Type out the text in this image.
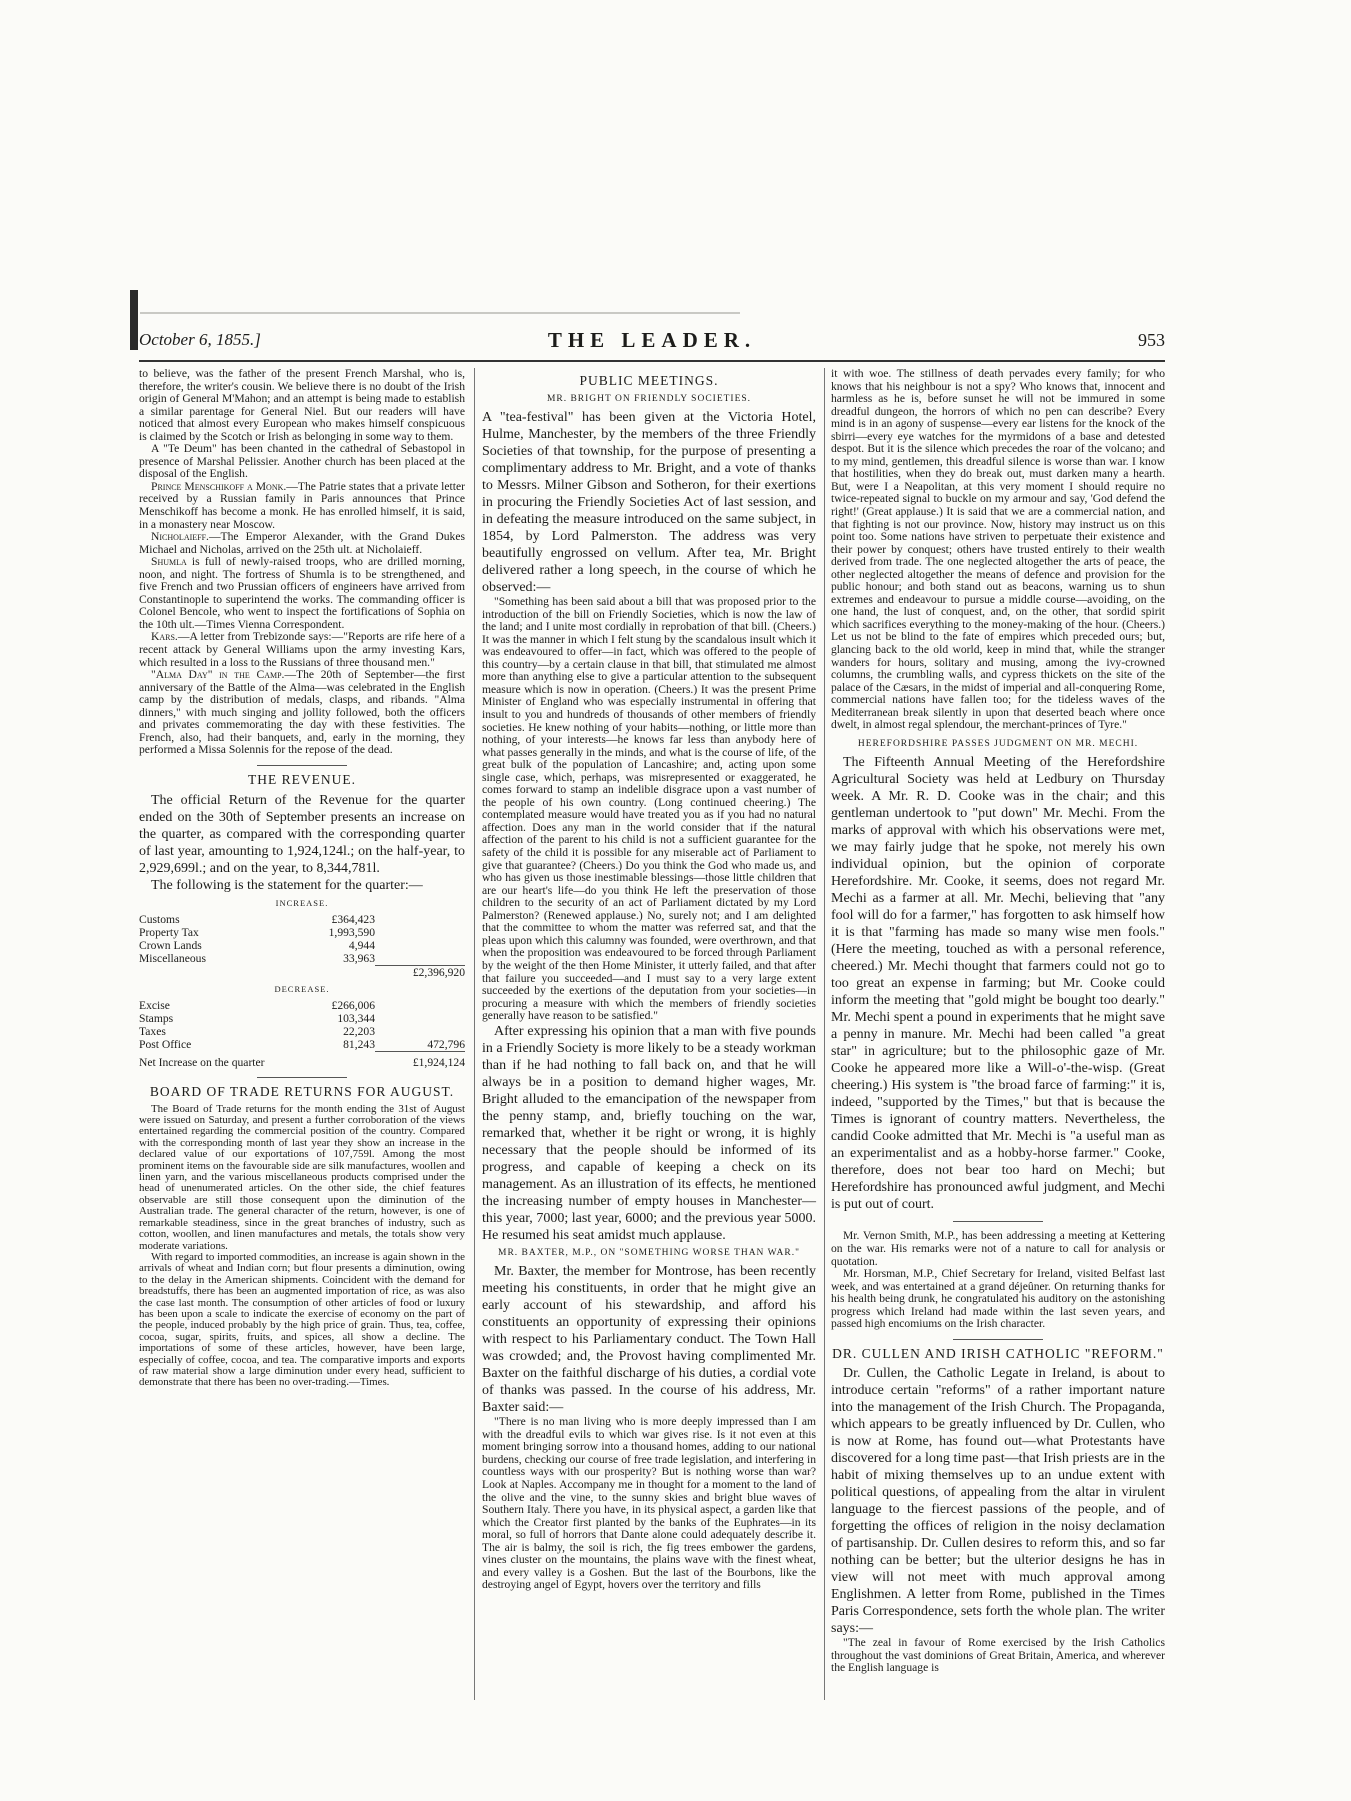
October 6, 1855.]	THE LEADER.	953

to believe, was the father of the present French Marshal, who is, therefore, the writer's cousin. We believe there is no doubt of the Irish origin of General M'Mahon; and an attempt is being made to establish a similar parentage for General Niel. But our readers will have noticed that almost every European who makes himself conspicuous is claimed by the Scotch or Irish as belonging in some way to them.

A "Te Deum" has been chanted in the cathedral of Sebastopol in presence of Marshal Pelissier. Another church has been placed at the disposal of the English.

Prince Menschikoff a Monk.—The Patrie states that a private letter received by a Russian family in Paris announces that Prince Menschikoff has become a monk. He has enrolled himself, it is said, in a monastery near Moscow.

Nicholaieff.—The Emperor Alexander, with the Grand Dukes Michael and Nicholas, arrived on the 25th ult. at Nicholaieff.

Shumla is full of newly-raised troops, who are drilled morning, noon, and night. The fortress of Shumla is to be strengthened, and five French and two Prussian officers of engineers have arrived from Constantinople to superintend the works. The commanding officer is Colonel Bencole, who went to inspect the fortifications of Sophia on the 10th ult.—Times Vienna Correspondent.

Kars.—A letter from Trebizonde says:—"Reports are rife here of a recent attack by General Williams upon the army investing Kars, which resulted in a loss to the Russians of three thousand men."

"Alma Day" in the Camp.—The 20th of September—the first anniversary of the Battle of the Alma—was celebrated in the English camp by the distribution of medals, clasps, and ribands. "Alma dinners," with much singing and jollity followed, both the officers and privates commemorating the day with these festivities. The French, also, had their banquets, and, early in the morning, they performed a Missa Solennis for the repose of the dead.

THE REVENUE.

The official Return of the Revenue for the quarter ended on the 30th of September presents an increase on the quarter, as compared with the corresponding quarter of last year, amounting to 1,924,124l.; on the half-year, to 2,929,699l.; and on the year, to 8,344,781l.

The following is the statement for the quarter:—

INCREASE.
Customs	£364,423	
Property Tax	1,993,590	
Crown Lands	4,944	
Miscellaneous	33,963	
		£2,396,920
DECREASE.
Excise	£266,006	
Stamps	103,344	
Taxes	22,203	
Post Office	81,243	472,796
Net Increase on the quarter		£1,924,124
BOARD OF TRADE RETURNS FOR AUGUST.

The Board of Trade returns for the month ending the 31st of August were issued on Saturday, and present a further corroboration of the views entertained regarding the commercial position of the country. Compared with the corresponding month of last year they show an increase in the declared value of our exportations of 107,759l. Among the most prominent items on the favourable side are silk manufactures, woollen and linen yarn, and the various miscellaneous products comprised under the head of unenumerated articles. On the other side, the chief features observable are still those consequent upon the diminution of the Australian trade. The general character of the return, however, is one of remarkable steadiness, since in the great branches of industry, such as cotton, woollen, and linen manufactures and metals, the totals show very moderate variations.

With regard to imported commodities, an increase is again shown in the arrivals of wheat and Indian corn; but flour presents a diminution, owing to the delay in the American shipments. Coincident with the demand for breadstuffs, there has been an augmented importation of rice, as was also the case last month. The consumption of other articles of food or luxury has been upon a scale to indicate the exercise of economy on the part of the people, induced probably by the high price of grain. Thus, tea, coffee, cocoa, sugar, spirits, fruits, and spices, all show a decline. The importations of some of these articles, however, have been large, especially of coffee, cocoa, and tea. The comparative imports and exports of raw material show a large diminution under every head, sufficient to demonstrate that there has been no over-trading.—Times.

PUBLIC MEETINGS.
MR. BRIGHT ON FRIENDLY SOCIETIES.

A "tea-festival" has been given at the Victoria Hotel, Hulme, Manchester, by the members of the three Friendly Societies of that township, for the purpose of presenting a complimentary address to Mr. Bright, and a vote of thanks to Messrs. Milner Gibson and Sotheron, for their exertions in procuring the Friendly Societies Act of last session, and in defeating the measure introduced on the same subject, in 1854, by Lord Palmerston. The address was very beautifully engrossed on vellum. After tea, Mr. Bright delivered rather a long speech, in the course of which he observed:—

"Something has been said about a bill that was proposed prior to the introduction of the bill on Friendly Societies, which is now the law of the land; and I unite most cordially in reprobation of that bill. (Cheers.) It was the manner in which I felt stung by the scandalous insult which it was endeavoured to offer—in fact, which was offered to the people of this country—by a certain clause in that bill, that stimulated me almost more than anything else to give a particular attention to the subsequent measure which is now in operation. (Cheers.) It was the present Prime Minister of England who was especially instrumental in offering that insult to you and hundreds of thousands of other members of friendly societies. He knew nothing of your habits—nothing, or little more than nothing, of your interests—he knows far less than anybody here of what passes generally in the minds, and what is the course of life, of the great bulk of the population of Lancashire; and, acting upon some single case, which, perhaps, was misrepresented or exaggerated, he comes forward to stamp an indelible disgrace upon a vast number of the people of his own country. (Long continued cheering.) The contemplated measure would have treated you as if you had no natural affection. Does any man in the world consider that if the natural affection of the parent to his child is not a sufficient guarantee for the safety of the child it is possible for any miserable act of Parliament to give that guarantee? (Cheers.) Do you think the God who made us, and who has given us those inestimable blessings—those little children that are our heart's life—do you think He left the preservation of those children to the security of an act of Parliament dictated by my Lord Palmerston? (Renewed applause.) No, surely not; and I am delighted that the committee to whom the matter was referred sat, and that the pleas upon which this calumny was founded, were overthrown, and that when the proposition was endeavoured to be forced through Parliament by the weight of the then Home Minister, it utterly failed, and that after that failure you succeeded—and I must say to a very large extent succeeded by the exertions of the deputation from your societies—in procuring a measure with which the members of friendly societies generally have reason to be satisfied."

After expressing his opinion that a man with five pounds in a Friendly Society is more likely to be a steady workman than if he had nothing to fall back on, and that he will always be in a position to demand higher wages, Mr. Bright alluded to the emancipation of the newspaper from the penny stamp, and, briefly touching on the war, remarked that, whether it be right or wrong, it is highly necessary that the people should be informed of its progress, and capable of keeping a check on its management. As an illustration of its effects, he mentioned the increasing number of empty houses in Manchester—this year, 7000; last year, 6000; and the previous year 5000. He resumed his seat amidst much applause.

MR. BAXTER, M.P., ON "SOMETHING WORSE THAN WAR."

Mr. Baxter, the member for Montrose, has been recently meeting his constituents, in order that he might give an early account of his stewardship, and afford his constituents an opportunity of expressing their opinions with respect to his Parliamentary conduct. The Town Hall was crowded; and, the Provost having complimented Mr. Baxter on the faithful discharge of his duties, a cordial vote of thanks was passed. In the course of his address, Mr. Baxter said:—

"There is no man living who is more deeply impressed than I am with the dreadful evils to which war gives rise. Is it not even at this moment bringing sorrow into a thousand homes, adding to our national burdens, checking our course of free trade legislation, and interfering in countless ways with our prosperity? But is nothing worse than war? Look at Naples. Accompany me in thought for a moment to the land of the olive and the vine, to the sunny skies and bright blue waves of Southern Italy. There you have, in its physical aspect, a garden like that which the Creator first planted by the banks of the Euphrates—in its moral, so full of horrors that Dante alone could adequately describe it. The air is balmy, the soil is rich, the fig trees embower the gardens, vines cluster on the mountains, the plains wave with the finest wheat, and every valley is a Goshen. But the last of the Bourbons, like the destroying angel of Egypt, hovers over the territory and fills

it with woe. The stillness of death pervades every family; for who knows that his neighbour is not a spy? Who knows that, innocent and harmless as he is, before sunset he will not be immured in some dreadful dungeon, the horrors of which no pen can describe? Every mind is in an agony of suspense—every ear listens for the knock of the sbirri—every eye watches for the myrmidons of a base and detested despot. But it is the silence which precedes the roar of the volcano; and to my mind, gentlemen, this dreadful silence is worse than war. I know that hostilities, when they do break out, must darken many a hearth. But, were I a Neapolitan, at this very moment I should require no twice-repeated signal to buckle on my armour and say, 'God defend the right!' (Great applause.) It is said that we are a commercial nation, and that fighting is not our province. Now, history may instruct us on this point too. Some nations have striven to perpetuate their existence and their power by conquest; others have trusted entirely to their wealth derived from trade. The one neglected altogether the arts of peace, the other neglected altogether the means of defence and provision for the public honour; and both stand out as beacons, warning us to shun extremes and endeavour to pursue a middle course—avoiding, on the one hand, the lust of conquest, and, on the other, that sordid spirit which sacrifices everything to the money-making of the hour. (Cheers.) Let us not be blind to the fate of empires which preceded ours; but, glancing back to the old world, keep in mind that, while the stranger wanders for hours, solitary and musing, among the ivy-crowned columns, the crumbling walls, and cypress thickets on the site of the palace of the Cæsars, in the midst of imperial and all-conquering Rome, commercial nations have fallen too; for the tideless waves of the Mediterranean break silently in upon that deserted beach where once dwelt, in almost regal splendour, the merchant-princes of Tyre."

HEREFORDSHIRE PASSES JUDGMENT ON MR. MECHI.

The Fifteenth Annual Meeting of the Herefordshire Agricultural Society was held at Ledbury on Thursday week. A Mr. R. D. Cooke was in the chair; and this gentleman undertook to "put down" Mr. Mechi. From the marks of approval with which his observations were met, we may fairly judge that he spoke, not merely his own individual opinion, but the opinion of corporate Herefordshire. Mr. Cooke, it seems, does not regard Mr. Mechi as a farmer at all. Mr. Mechi, believing that "any fool will do for a farmer," has forgotten to ask himself how it is that "farming has made so many wise men fools." (Here the meeting, touched as with a personal reference, cheered.) Mr. Mechi thought that farmers could not go to too great an expense in farming; but Mr. Cooke could inform the meeting that "gold might be bought too dearly." Mr. Mechi spent a pound in experiments that he might save a penny in manure. Mr. Mechi had been called "a great star" in agriculture; but to the philosophic gaze of Mr. Cooke he appeared more like a Will-o'-the-wisp. (Great cheering.) His system is "the broad farce of farming:" it is, indeed, "supported by the Times," but that is because the Times is ignorant of country matters. Nevertheless, the candid Cooke admitted that Mr. Mechi is "a useful man as an experimentalist and as a hobby-horse farmer." Cooke, therefore, does not bear too hard on Mechi; but Herefordshire has pronounced awful judgment, and Mechi is put out of court.

Mr. Vernon Smith, M.P., has been addressing a meeting at Kettering on the war. His remarks were not of a nature to call for analysis or quotation.

Mr. Horsman, M.P., Chief Secretary for Ireland, visited Belfast last week, and was entertained at a grand déjeûner. On returning thanks for his health being drunk, he congratulated his auditory on the astonishing progress which Ireland had made within the last seven years, and passed high encomiums on the Irish character.

DR. CULLEN AND IRISH CATHOLIC "REFORM."

Dr. Cullen, the Catholic Legate in Ireland, is about to introduce certain "reforms" of a rather important nature into the management of the Irish Church. The Propaganda, which appears to be greatly influenced by Dr. Cullen, who is now at Rome, has found out—what Protestants have discovered for a long time past—that Irish priests are in the habit of mixing themselves up to an undue extent with political questions, of appealing from the altar in virulent language to the fiercest passions of the people, and of forgetting the offices of religion in the noisy declamation of partisanship. Dr. Cullen desires to reform this, and so far nothing can be better; but the ulterior designs he has in view will not meet with much approval among Englishmen. A letter from Rome, published in the Times Paris Correspondence, sets forth the whole plan. The writer says:—

"The zeal in favour of Rome exercised by the Irish Catholics throughout the vast dominions of Great Britain, America, and wherever the English language is
